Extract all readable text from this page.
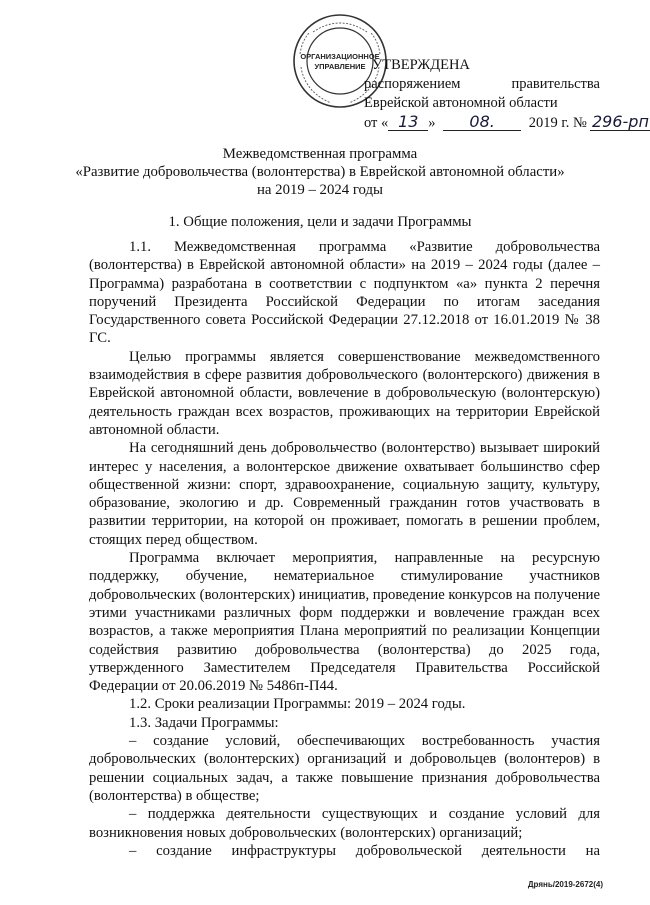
ОРГАНИЗАЦИОННОЕ
УПРАВЛЕНИЕ УТВЕРЖДЕНА
распоряжением	правительства
Еврейской автономной области
от « 13 » 08. 2019 г. № 296-рп
Межведомственная программа
«Развитие добровольчества (волонтерства) в Еврейской автономной области»
на 2019 – 2024 годы
1. Общие положения, цели и задачи Программы

1.1. Межведомственная программа «Развитие добровольчества (волонтерства) в Еврейской автономной области» на 2019 – 2024 годы (далее – Программа) разработана в соответствии с подпунктом «а» пункта 2 перечня поручений Президента Российской Федерации по итогам заседания Государственного совета Российской Федерации 27.12.2018 от 16.01.2019 № 38 ГС.

Целью программы является совершенствование межведомственного взаимодействия в сфере развития добровольческого (волонтерского) движения в Еврейской автономной области, вовлечение в добровольческую (волонтерскую) деятельность граждан всех возрастов, проживающих на территории Еврейской автономной области.

На сегодняшний день добровольчество (волонтерство) вызывает широкий интерес у населения, а волонтерское движение охватывает большинство сфер общественной жизни: спорт, здравоохранение, социальную защиту, культуру, образование, экологию и др. Современный гражданин готов участвовать в развитии территории, на которой он проживает, помогать в решении проблем, стоящих перед обществом.

Программа включает мероприятия, направленные на ресурсную поддержку, обучение, нематериальное стимулирование участников добровольческих (волонтерских) инициатив, проведение конкурсов на получение этими участниками различных форм поддержки и вовлечение граждан всех возрастов, а также мероприятия Плана мероприятий по реализации Концепции содействия развитию добровольчества (волонтерства) до 2025 года, утвержденного Заместителем Председателя Правительства Российской Федерации от 20.06.2019 № 5486п-П44.

1.2. Сроки реализации Программы: 2019 – 2024 годы.

1.3. Задачи Программы:

– создание условий, обеспечивающих востребованность участия добровольческих (волонтерских) организаций и добровольцев (волонтеров) в решении социальных задач, а также повышение признания добровольчества (волонтерства) в обществе;

– поддержка деятельности существующих и создание условий для возникновения новых добровольческих (волонтерских) организаций;

– создание инфраструктуры добровольческой деятельности на

Дрянь/2019-2672(4)
